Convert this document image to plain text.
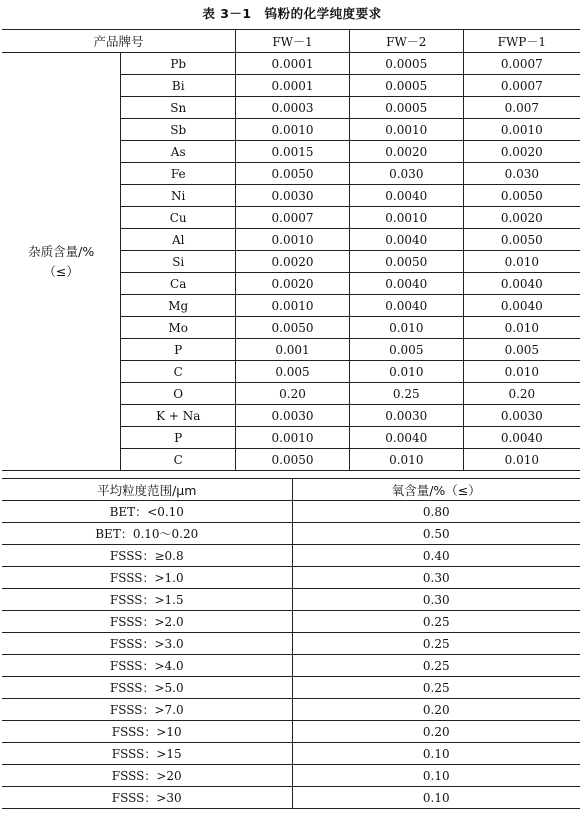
表 3－1　钨粉的化学纯度要求
产品牌号		FW－1	FW－2	FWP－1

杂质含量/%
（≤）	Pb	0.0001	0.0005	0.0007
	Bi	0.0001	0.0005	0.0007
	Sn	0.0003	0.0005	0.007
	Sb	0.0010	0.0010	0.0010
	As	0.0015	0.0020	0.0020
	Fe	0.0050	0.030	0.030
	Ni	0.0030	0.0040	0.0050
	Cu	0.0007	0.0010	0.0020
	Al	0.0010	0.0040	0.0050
	Si	0.0020	0.0050	0.010
	Ca	0.0020	0.0040	0.0040
	Mg	0.0010	0.0040	0.0040
	Mo	0.0050	0.010	0.010
	P	0.001	0.005	0.005
	C	0.005	0.010	0.010
	O	0.20	0.25	0.20
	K + Na	0.0030	0.0030	0.0030
	P	0.0010	0.0040	0.0040
	C	0.0050	0.010	0.010
平均粒度范围/μm	氧含量/%（≤）
BET：<0.10	0.80
BET：0.10～0.20	0.50
FSSS：≥0.8	0.40
FSSS：>1.0	0.30
FSSS：>1.5	0.30
FSSS：>2.0	0.25
FSSS：>3.0	0.25
FSSS：>4.0	0.25
FSSS：>5.0	0.25
FSSS：>7.0	0.20
FSSS：>10	0.20
FSSS：>15	0.10
FSSS：>20	0.10
FSSS：>30	0.10
